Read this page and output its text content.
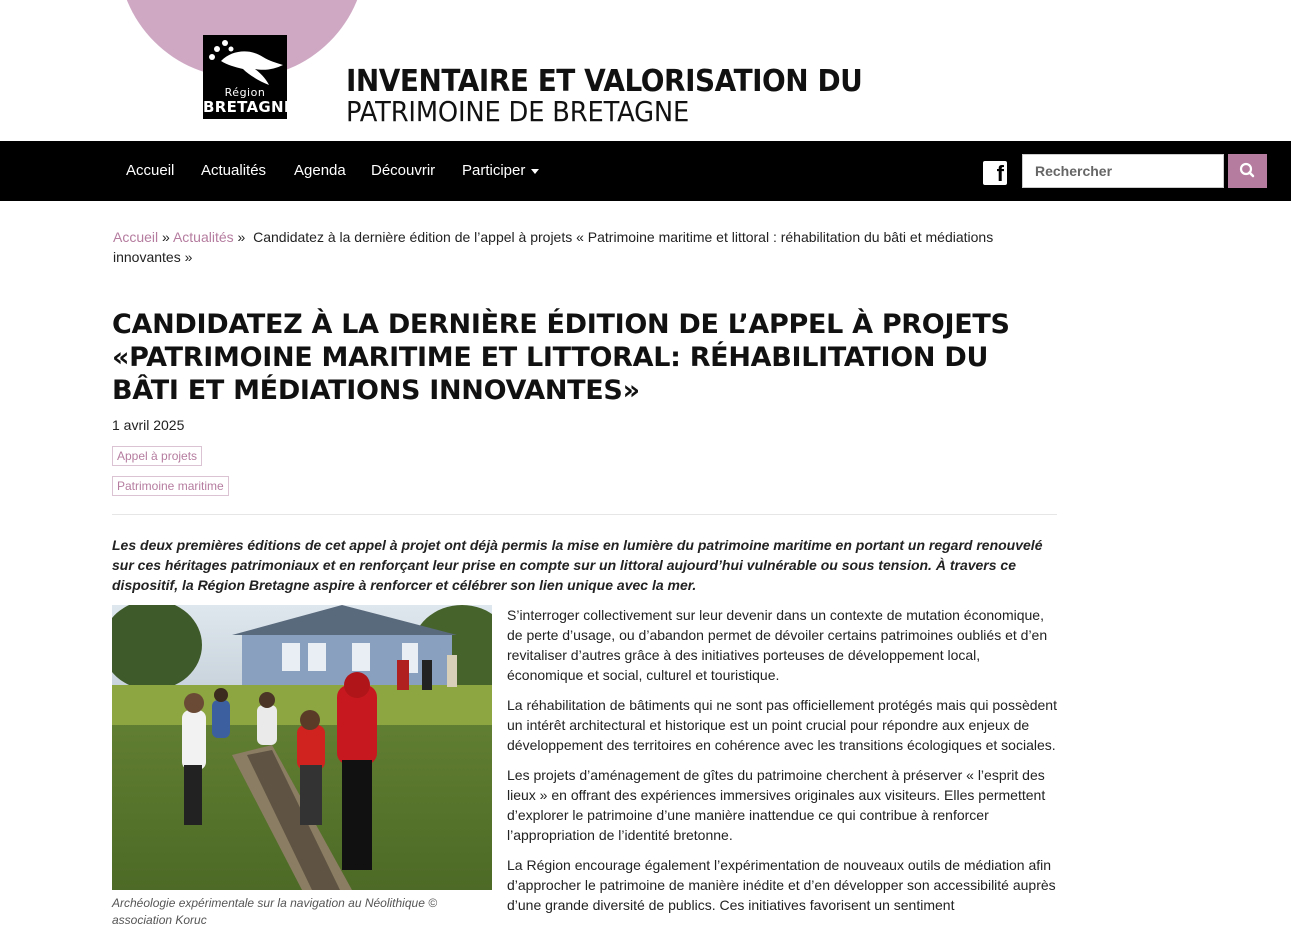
Région
BRETAGNE
INVENTAIRE ET VALORISATION DU
PATRIMOINE DE BRETAGNE
Accueil Actualités Agenda Découvrir Participer	f
Rechercher
Accueil » Actualités » Candidatez à la dernière édition de l’appel à projets « Patrimoine maritime et littoral : réhabilitation du bâti et médiations innovantes »
CANDIDATEZ À LA DERNIÈRE ÉDITION DE L’APPEL À PROJETS «PATRIMOINE MARITIME ET LITTORAL: RÉHABILITATION DU BÂTI ET MÉDIATIONS INNOVANTES»
1 avril 2025
Appel à projets
Patrimoine maritime
Les deux premières éditions de cet appel à projet ont déjà permis la mise en lumière du patrimoine maritime en portant un regard renouvelé sur ces héritages patrimoniaux et en renforçant leur prise en compte sur un littoral aujourd’hui vulnérable ou sous tension. À travers ce dispositif, la Région Bretagne aspire à renforcer et célébrer son lien unique avec la mer.
Archéologie expérimentale sur la navigation au Néolithique © association Koruc

S’interroger collectivement sur leur devenir dans un contexte de mutation économique, de perte d’usage, ou d’abandon permet de dévoiler certains patrimoines oubliés et d’en revitaliser d’autres grâce à des initiatives porteuses de développement local, économique et social, culturel et touristique.

La réhabilitation de bâtiments qui ne sont pas officiellement protégés mais qui possèdent un intérêt architectural et historique est un point crucial pour répondre aux enjeux de développement des territoires en cohérence avec les transitions écologiques et sociales.

Les projets d’aménagement de gîtes du patrimoine cherchent à préserver « l’esprit des lieux » en offrant des expériences immersives originales aux visiteurs. Elles permettent d’explorer le patrimoine d’une manière inattendue ce qui contribue à renforcer l’appropriation de l’identité bretonne.

La Région encourage également l’expérimentation de nouveaux outils de médiation afin d’approcher le patrimoine de manière inédite et d’en développer son accessibilité auprès d’une grande diversité de publics. Ces initiatives favorisent un sentiment
